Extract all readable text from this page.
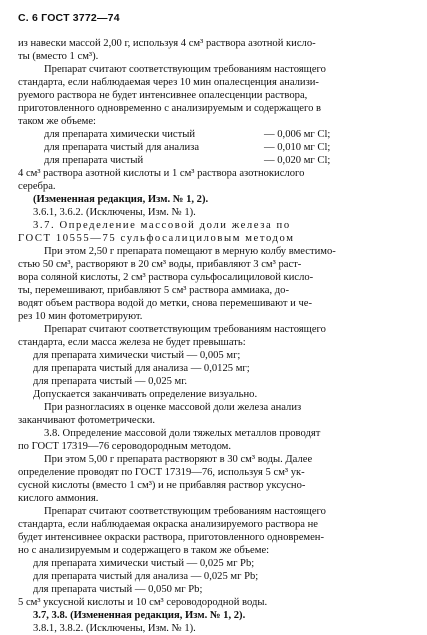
С. 6 ГОСТ 3772—74
из навески массой 2,00 г, используя 4 см³ раствора азотной кисло-
ты (вместо 1 см³).
Препарат считают соответствующим требованиям настоящего
стандарта, если наблюдаемая через 10 мин опалесценция анализи-
руемого раствора не будет интенсивнее опалесценции раствора,
приготовленного одновременно с анализируемым и содержащего в
таком же объеме:
для препарата химически чистый	— 0,006 мг Cl;
для препарата чистый для анализа	— 0,010 мг Cl;
для препарата чистый	— 0,020 мг Cl;
4 см³ раствора азотной кислоты и 1 см³ раствора азотнокислого
серебра.
(Измененная редакция, Изм. № 1, 2).
3.6.1, 3.6.2. (Исключены, Изм. № 1).
3.7. Определение массовой доли железа по
ГОСТ 10555—75 сульфосалициловым методом
При этом 2,50 г препарата помещают в мерную колбу вместимо-
стью 50 см³, растворяют в 20 см³ воды, прибавляют 3 см³ раст-
вора соляной кислоты, 2 см³ раствора сульфосалициловой кисло-
ты, перемешивают, прибавляют 5 см³ раствора аммиака, до-
водят объем раствора водой до метки, снова перемешивают и че-
рез 10 мин фотометрируют.
Препарат считают соответствующим требованиям настоящего
стандарта, если масса железа не будет превышать:
для препарата химически чистый — 0,005 мг;
для препарата чистый для анализа — 0,0125 мг;
для препарата чистый — 0,025 мг.
Допускается заканчивать определение визуально.
При разногласиях в оценке массовой доли железа анализ
заканчивают фотометрически.
3.8. Определение массовой доли тяжелых металлов проводят
по ГОСТ 17319—76 сероводородным методом.
При этом 5,00 г препарата растворяют в 30 см³ воды. Далее
определение проводят по ГОСТ 17319—76, используя 5 см³ ук-
сусной кислоты (вместо 1 см³) и не прибавляя раствор уксусно-
кислого аммония.
Препарат считают соответствующим требованиям настоящего
стандарта, если наблюдаемая окраска анализируемого раствора не
будет интенсивнее окраски раствора, приготовленного одновремен-
но с анализируемым и содержащего в таком же объеме:
для препарата химически чистый — 0,025 мг Pb;
для препарата чистый для анализа — 0,025 мг Pb;
для препарата чистый — 0,050 мг Pb;
5 см³ уксусной кислоты и 10 см³ сероводородной воды.
3.7, 3.8. (Измененная редакция, Изм. № 1, 2).
3.8.1, 3.8.2. (Исключены, Изм. № 1).
